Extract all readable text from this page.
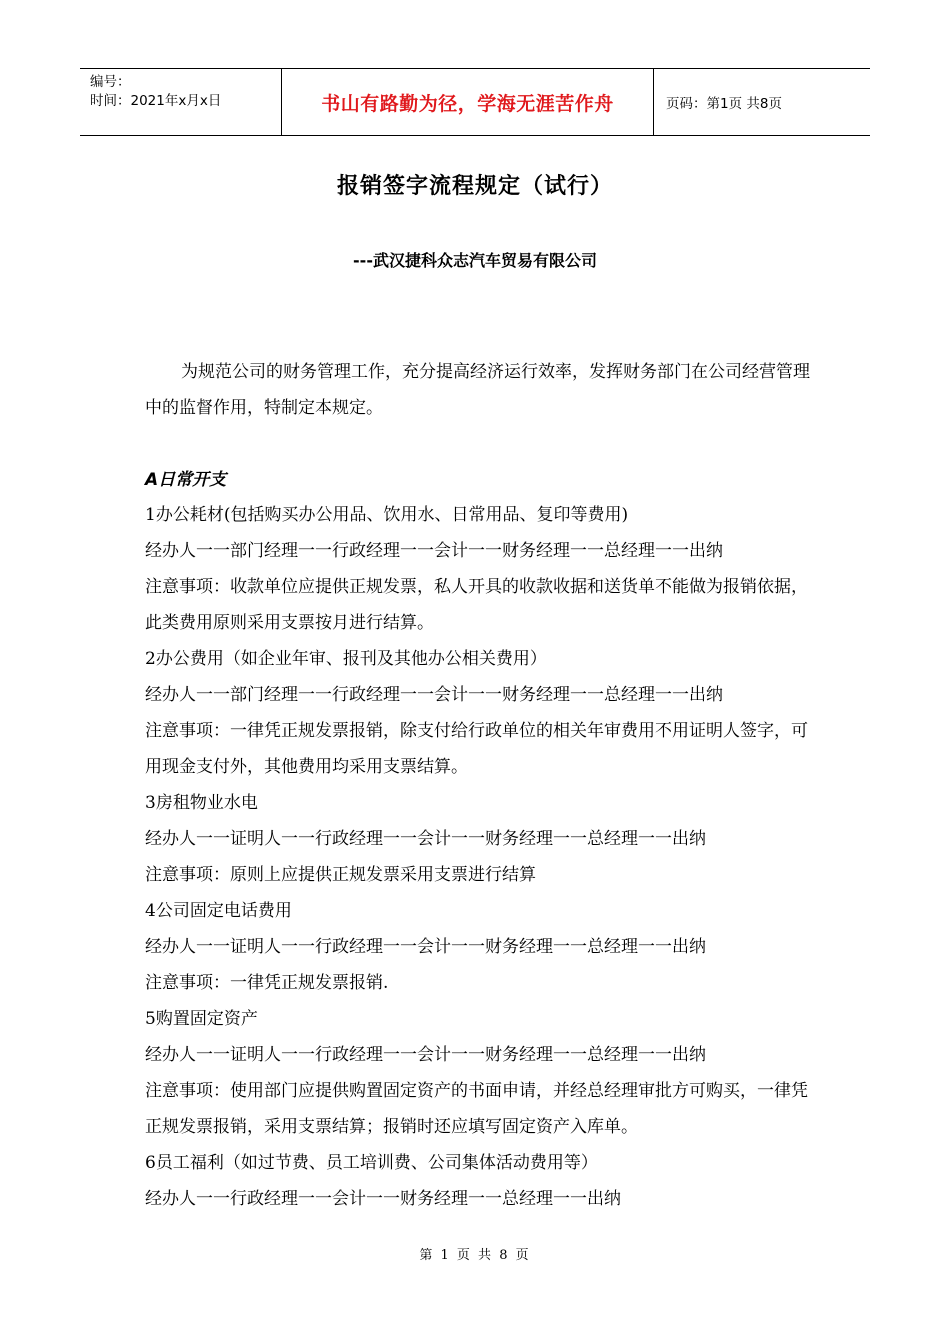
编号：
时间：2021年x月x日	书山有路勤为径，学海无涯苦作舟	页码：第1页 共8页
报销签字流程规定（试行）
---武汉捷科众志汽车贸易有限公司
为规范公司的财务管理工作，充分提高经济运行效率，发挥财务部门在公司经营管理中的监督作用，特制定本规定。
A日常开支

1办公耗材(包括购买办公用品、饮用水、日常用品、复印等费用)

经办人一一部门经理一一行政经理一一会计一一财务经理一一总经理一一出纳

注意事项：收款单位应提供正规发票，私人开具的收款收据和送货单不能做为报销依据，此类费用原则采用支票按月进行结算。

2办公费用（如企业年审、报刊及其他办公相关费用）

经办人一一部门经理一一行政经理一一会计一一财务经理一一总经理一一出纳

注意事项：一律凭正规发票报销，除支付给行政单位的相关年审费用不用证明人签字，可用现金支付外，其他费用均采用支票结算。

3房租物业水电

经办人一一证明人一一行政经理一一会计一一财务经理一一总经理一一出纳

注意事项：原则上应提供正规发票采用支票进行结算

4公司固定电话费用

经办人一一证明人一一行政经理一一会计一一财务经理一一总经理一一出纳

注意事项：一律凭正规发票报销.

5购置固定资产

经办人一一证明人一一行政经理一一会计一一财务经理一一总经理一一出纳

注意事项：使用部门应提供购置固定资产的书面申请，并经总经理审批方可购买，一律凭正规发票报销，采用支票结算；报销时还应填写固定资产入库单。

6员工福利（如过节费、员工培训费、公司集体活动费用等）

经办人一一行政经理一一会计一一财务经理一一总经理一一出纳

第 1 页 共 8 页
